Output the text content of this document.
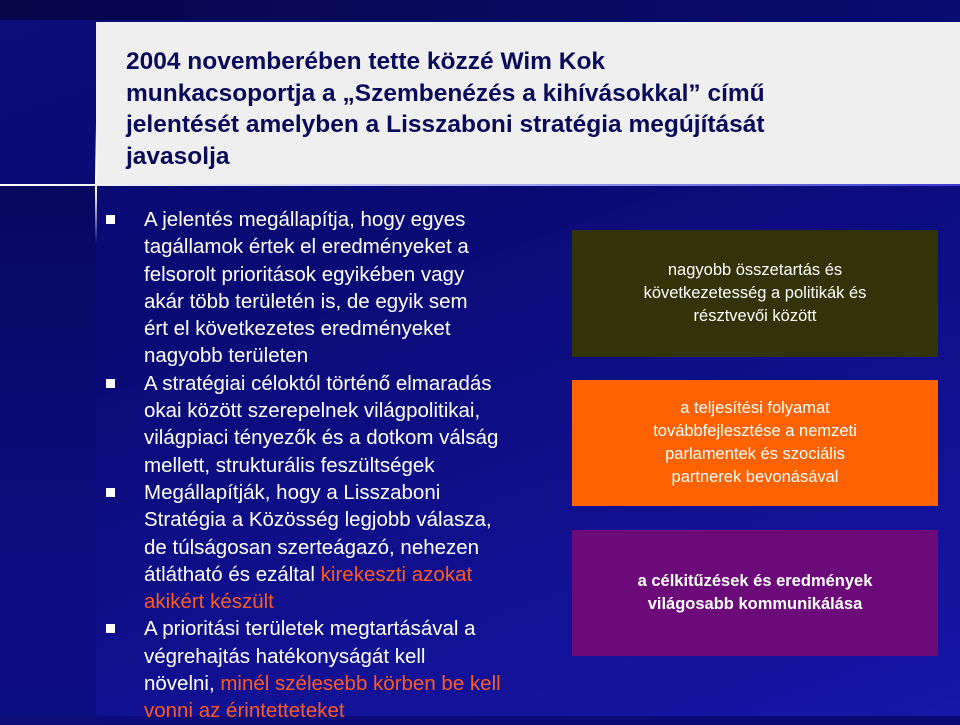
2004 novemberében tette közzé Wim Kok
munkacsoportja a „Szembenézés a kihívásokkal” című
jelentését amelyben a Lisszaboni stratégia megújítását
javasolja
A jelentés megállapítja, hogy egyes
tagállamok értek el eredményeket a
felsorolt prioritások egyikében vagy
akár több területén is, de egyik sem
ért el következetes eredményeket
nagyobb területen
A stratégiai céloktól történő elmaradás
okai között szerepelnek világpolitikai,
világpiaci tényezők és a dotkom válság
mellett, strukturális feszültségek
Megállapítják, hogy a Lisszaboni
Stratégia a Közösség legjobb válasza,
de túlságosan szerteágazó, nehezen
átlátható és ezáltal kirekeszti azokat
akikért készült
A prioritási területek megtartásával a
végrehajtás hatékonyságát kell
növelni, minél szélesebb körben be kell
vonni az érintetteteket
nagyobb összetartás és
következetesség a politikák és
résztvevői között
a teljesítési folyamat
továbbfejlesztése a nemzeti
parlamentek és szociális
partnerek bevonásával
a célkitűzések és eredmények
világosabb kommunikálása
